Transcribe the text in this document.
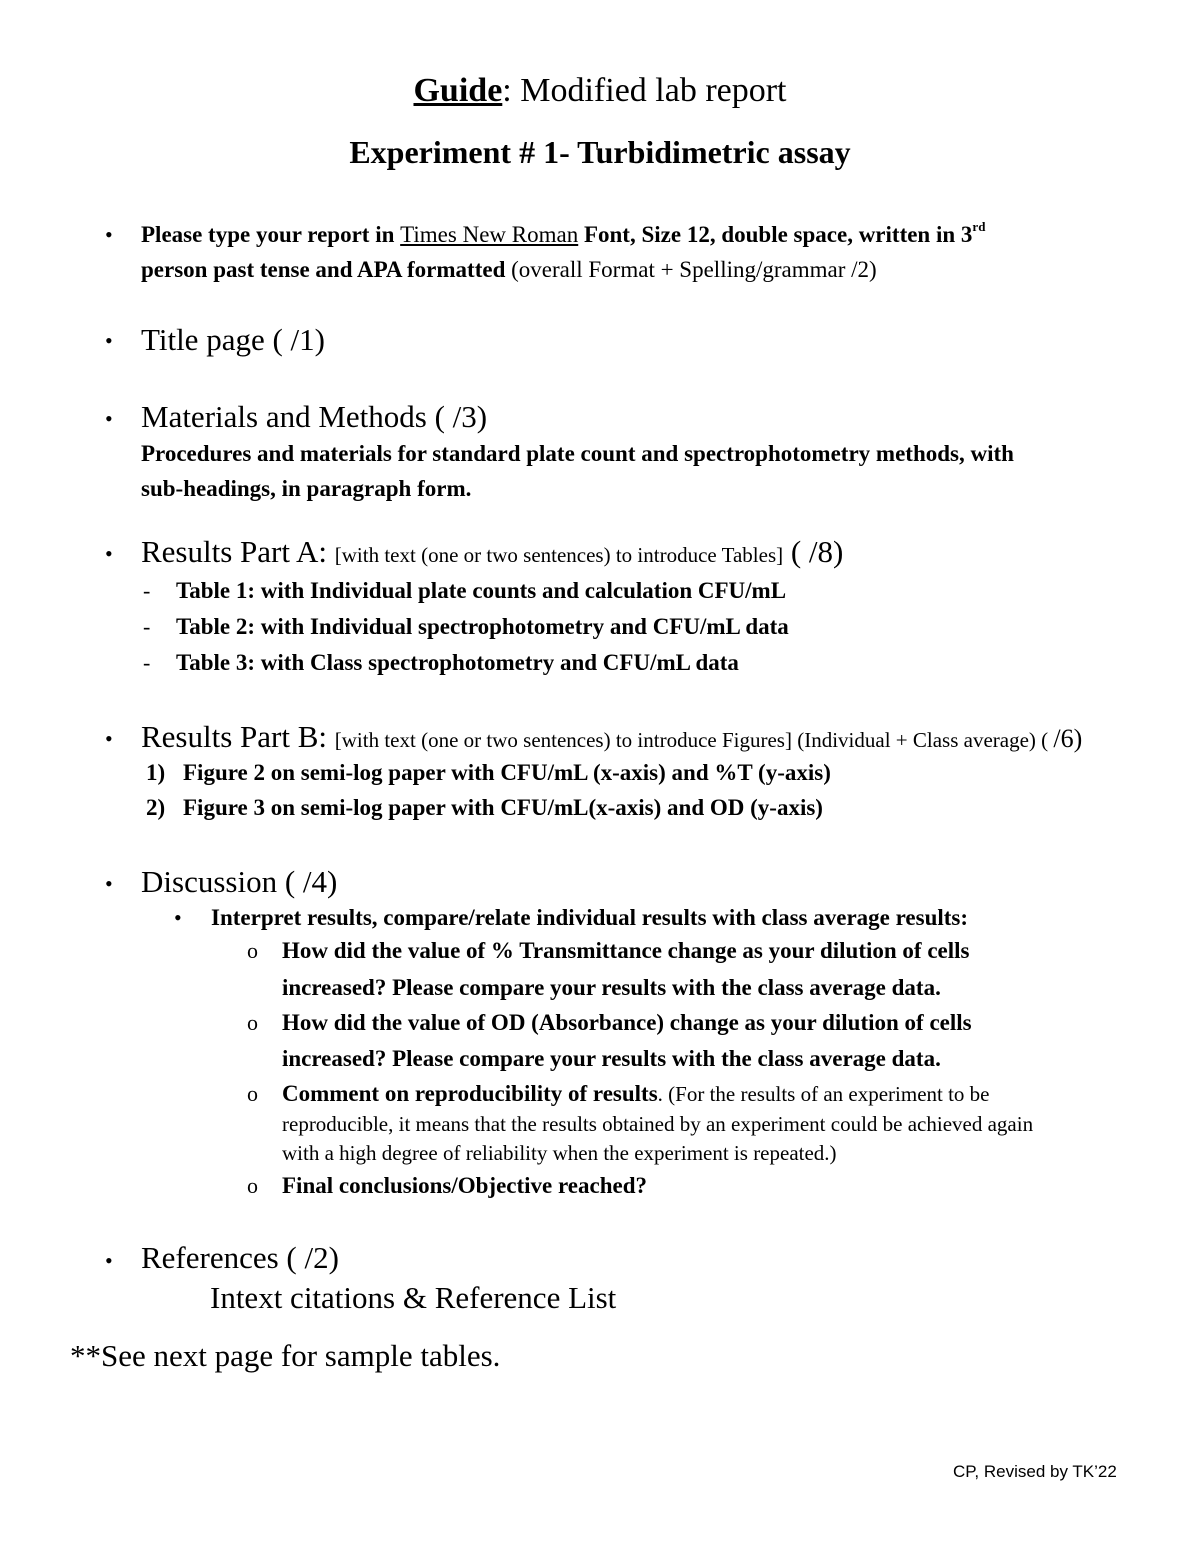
Guide: Modified lab report
Experiment # 1- Turbidimetric assay
• Please type your report in Times New Roman Font, Size 12, double space, written in 3rd
person past tense and APA formatted (overall Format + Spelling/grammar /2)
• Title page ( /1)
• Materials and Methods ( /3)
Procedures and materials for standard plate count and spectrophotometry methods, with
sub-headings, in paragraph form.
• Results Part A: [with text (one or two sentences) to introduce Tables] ( /8)
- Table 1: with Individual plate counts and calculation CFU/mL
- Table 2: with Individual spectrophotometry and CFU/mL data
- Table 3: with Class spectrophotometry and CFU/mL data
• Results Part B: [with text (one or two sentences) to introduce Figures] (Individual + Class average) ( /6)
1) Figure 2 on semi-log paper with CFU/mL (x-axis) and %T (y-axis)
2) Figure 3 on semi-log paper with CFU/mL(x-axis) and OD (y-axis)
• Discussion ( /4)
• Interpret results, compare/relate individual results with class average results:
o How did the value of % Transmittance change as your dilution of cells
increased? Please compare your results with the class average data.
o How did the value of OD (Absorbance) change as your dilution of cells
increased? Please compare your results with the class average data.
o Comment on reproducibility of results. (For the results of an experiment to be
reproducible, it means that the results obtained by an experiment could be achieved again
with a high degree of reliability when the experiment is repeated.)
o Final conclusions/Objective reached?
• References ( /2)
Intext citations & Reference List
**See next page for sample tables.
CP, Revised by TK’22
